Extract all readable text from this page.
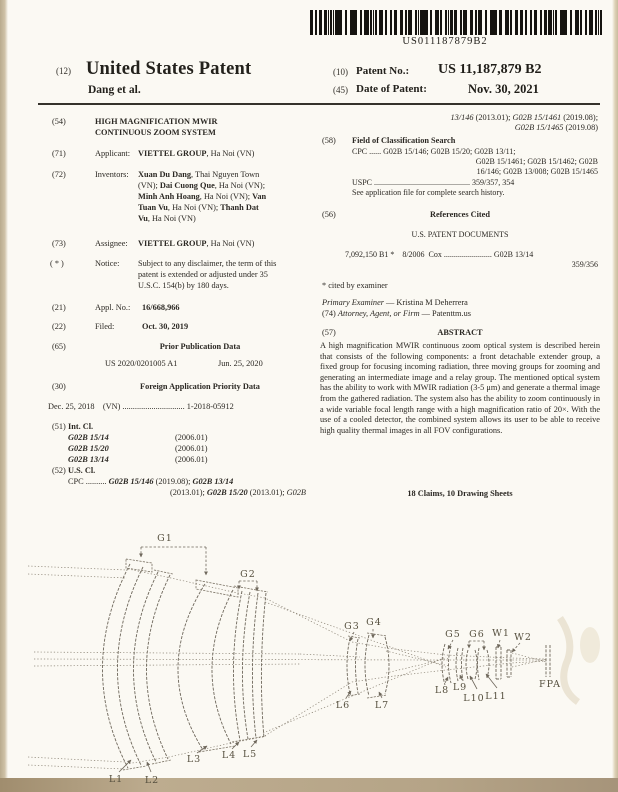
US011187879B2
(12) United States Patent
Dang et al.
(10) Patent No.: US 11,187,879 B2
(45) Date of Patent:	Nov. 30, 2021
(54)	HIGH MAGNIFICATION MWIR
CONTINUOUS ZOOM SYSTEM
(71)	Applicant: VIETTEL GROUP, Ha Noi (VN)
(72)	Inventors: Xuan Du Dang, Thai Nguyen Town
(VN); Dai Cuong Que, Ha Noi (VN);
Minh Anh Hoang, Ha Noi (VN); Van
Tuan Vu, Ha Noi (VN); Thanh Dat
Vu, Ha Noi (VN)
(73)	Assignee: VIETTEL GROUP, Ha Noi (VN)
( * )	Notice: Subject to any disclaimer, the term of this
patent is extended or adjusted under 35
U.S.C. 154(b) by 180 days.
(21)	Appl. No.: 16/668,966
(22)	Filed:	Oct. 30, 2019
(65)	Prior Publication Data
US 2020/0201005 A1	Jun. 25, 2020
(30)	Foreign Application Priority Data
Dec. 25, 2018    (VN) .............................. 1-2018-05912
(51) Int. Cl.
G02B 15/14	(2006.01)
G02B 15/20	(2006.01)
G02B 13/14	(2006.01)
(52) U.S. Cl.
CPC .......... G02B 15/146 (2019.08); G02B 13/14
(2013.01); G02B 15/20 (2013.01); G02B
13/146 (2013.01); G02B 15/1461 (2019.08);
G02B 15/1465 (2019.08)
(58) Field of Classification Search
CPC ...... G02B 15/146; G02B 15/20; G02B 13/11;
G02B 15/1461; G02B 15/1462; G02B
16/146; G02B 13/008; G02B 15/1465
USPC ................................................ 359/357, 354
See application file for complete search history.
(56)	References Cited
U.S. PATENT DOCUMENTS
7,092,150 B1 *    8/2006  Cox ........................ G02B 13/14
359/356
* cited by examiner
Primary Examiner — Kristina M Deherrera
(74) Attorney, Agent, or Firm — Patenttm.us
(57)	ABSTRACT
A high magnification MWIR continuous zoom optical system is described herein that consists of the following components: a front detachable extender group, a fixed group for focusing incoming radiation, three moving groups for zooming and generating an intermediate image and a relay group. The mentioned optical system has the ability to work with MWIR radiation (3-5 μm) and generate a thermal image from the gathered radiation. The system also has the ability to zoom continuously in a wide variable focal length range with a high magnification ratio of 20×. With the use of a cooled detector, the combined system allows its user to be able to receive high quality thermal images in all FOV configurations.
18 Claims, 10 Drawing Sheets
G1
G2
G3 G4
G5 G6 W1 W2
FPA
L1 L2
L3 L4 L5
L6	L7
L8 L9
L10 L11
